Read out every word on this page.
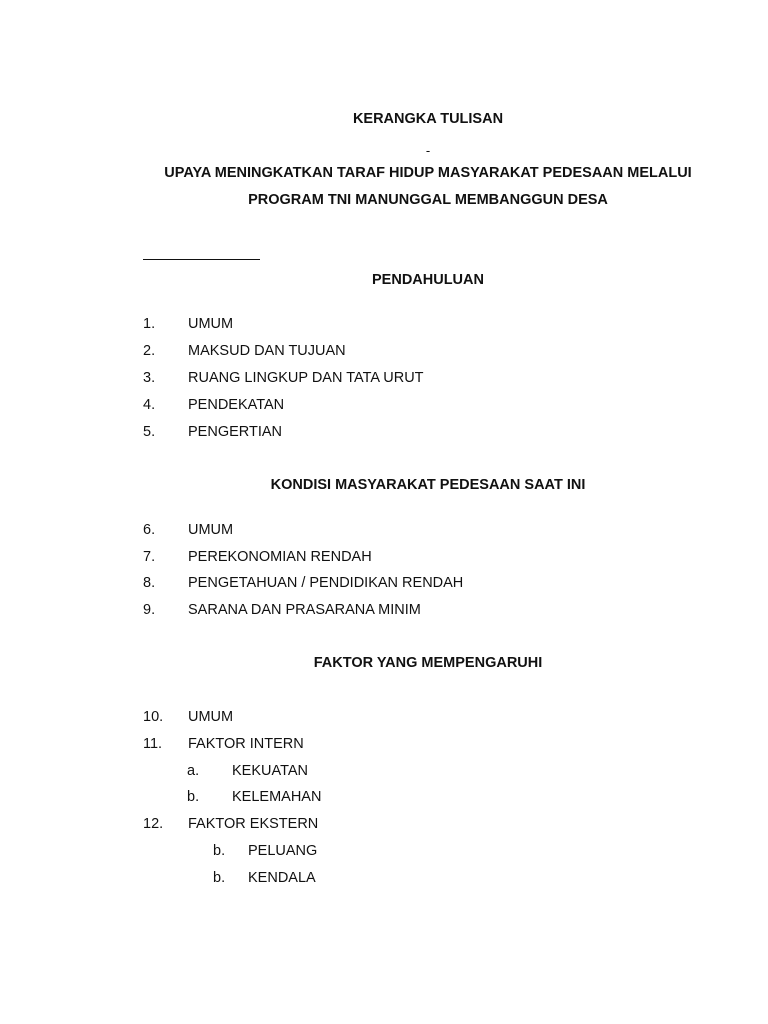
KERANGKA TULISAN
-
UPAYA MENINGKATKAN TARAF HIDUP MASYARAKAT PEDESAAN MELALUI
PROGRAM TNI MANUNGGAL MEMBANGGUN DESA
PENDAHULUAN
1. UMUM
2. MAKSUD DAN TUJUAN
3. RUANG LINGKUP DAN TATA URUT
4. PENDEKATAN
5. PENGERTIAN
KONDISI MASYARAKAT PEDESAAN SAAT INI
6. UMUM
7. PEREKONOMIAN RENDAH
8. PENGETAHUAN / PENDIDIKAN RENDAH
9. SARANA DAN PRASARANA MINIM
FAKTOR YANG MEMPENGARUHI
10. UMUM
11. FAKTOR INTERN
a. KEKUATAN
b. KELEMAHAN
12. FAKTOR EKSTERN
b. PELUANG
b. KENDALA
